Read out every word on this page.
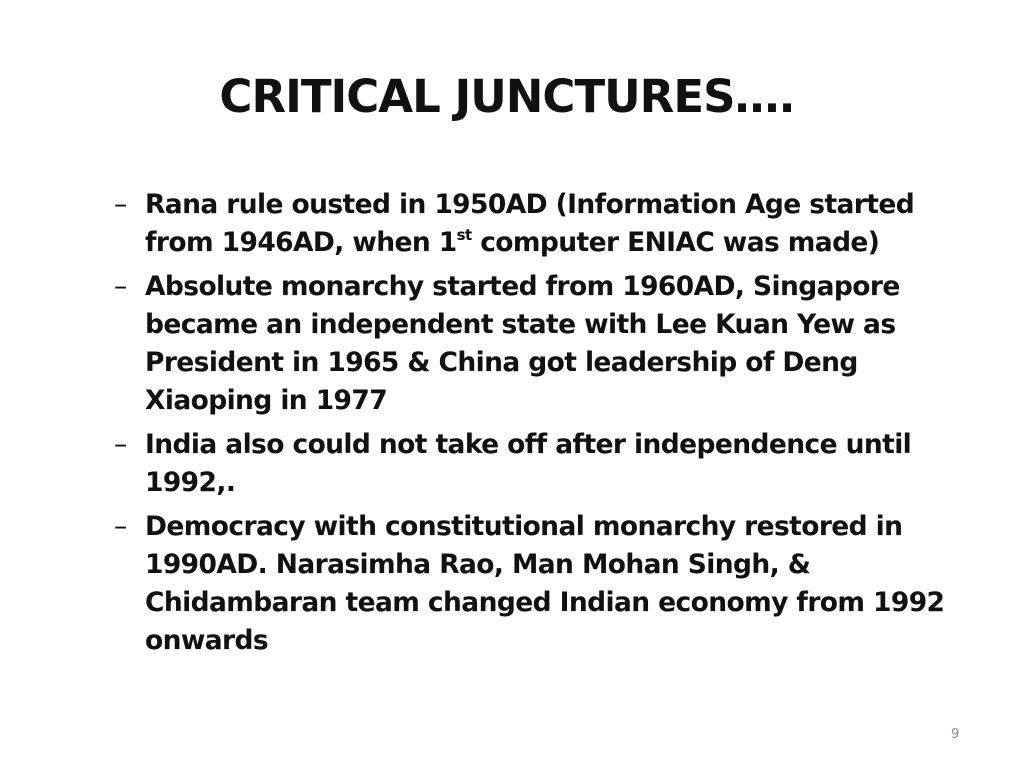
CRITICAL JUNCTURES….
– Rana rule ousted in 1950AD (Information Age started from 1946AD, when 1st computer ENIAC was made)
– Absolute monarchy started from 1960AD, Singapore became an independent state with Lee Kuan Yew as President in 1965 & China got leadership of Deng Xiaoping in 1977
– India also could not take off after independence until 1992,.
– Democracy with constitutional monarchy restored in 1990AD. Narasimha Rao, Man Mohan Singh, & Chidambaran team changed Indian economy from 1992 onwards
9
